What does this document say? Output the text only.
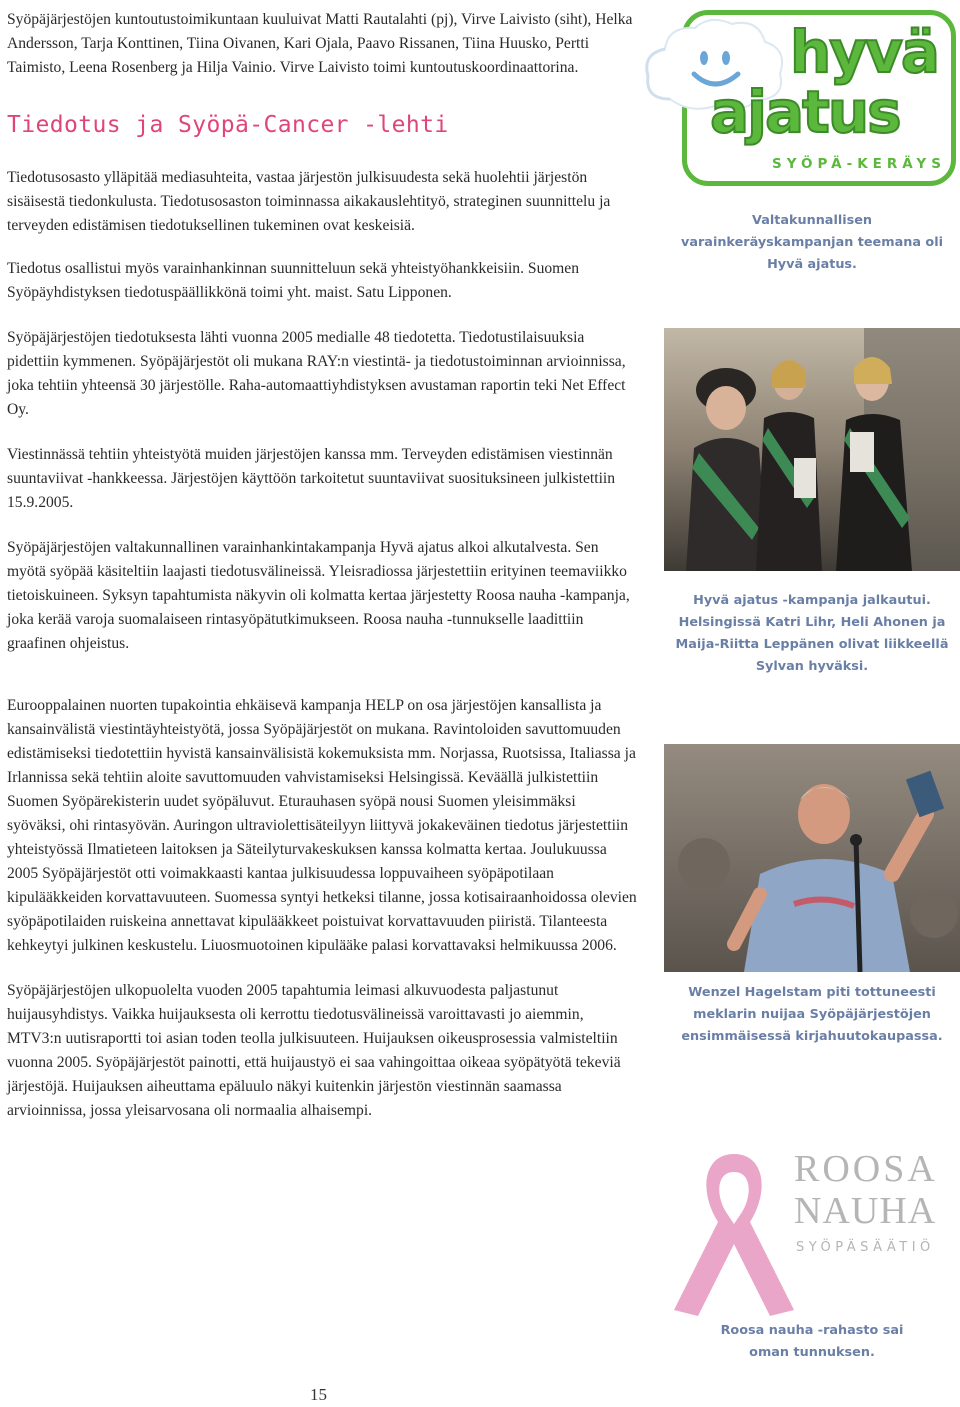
Syöpäjärjestöjen kuntoutustoimikuntaan kuuluivat Matti Rautalahti (pj), Virve Laivisto (siht), Helka Andersson, Tarja Konttinen, Tiina Oivanen, Kari Ojala, Paavo Rissanen, Tiina Huusko, Pertti Taimisto, Leena Rosenberg ja Hilja Vainio. Virve Laivisto toimi kuntoutuskoordinaattorina.

Tiedotus ja Syöpä-Cancer -lehti

Tiedotusosasto ylläpitää mediasuhteita, vastaa järjestön julkisuudesta sekä huolehtii järjestön sisäisestä tiedonkulusta. Tiedotusosaston toiminnassa aikakauslehtityö, strateginen suunnittelu ja terveyden edistämisen tiedotuksellinen tukeminen ovat keskeisiä.

Tiedotus osallistui myös varainhankinnan suunnitteluun sekä yhteistyöhankkeisiin. Suomen Syöpäyhdistyksen tiedotuspäällikkönä toimi yht. maist. Satu Lipponen.

Syöpäjärjestöjen tiedotuksesta lähti vuonna 2005 medialle 48 tiedotetta. Tiedotustilaisuuksia pidettiin kymmenen. Syöpäjärjestöt oli mukana RAY:n viestintä- ja tiedotustoiminnan arvioinnissa, joka tehtiin yhteensä 30 järjestölle. Raha-automaattiyhdistyksen avustaman raportin teki Net Effect Oy.

Viestinnässä tehtiin yhteistyötä muiden järjestöjen kanssa mm. Terveyden edistämisen viestinnän suuntaviivat -hankkeessa. Järjestöjen käyttöön tarkoitetut suuntaviivat suosituksineen julkistettiin 15.9.2005.

Syöpäjärjestöjen valtakunnallinen varainhankintakampanja Hyvä ajatus alkoi alkutalvesta. Sen myötä syöpää käsiteltiin laajasti tiedotusvälineissä. Yleisradiossa järjestettiin erityinen teemaviikko tietoiskuineen. Syksyn tapahtumista näkyvin oli kolmatta kertaa järjestetty Roosa nauha -kampanja, joka kerää varoja suomalaiseen rintasyöpätutkimukseen. Roosa nauha -tunnukselle laadittiin graafinen ohjeistus.

Eurooppalainen nuorten tupakointia ehkäisevä kampanja HELP on osa järjestöjen kansallista ja kansainvälistä viestintäyhteistyötä, jossa Syöpäjärjestöt on mukana. Ravintoloiden savuttomuuden edistämiseksi tiedotettiin hyvistä kansainvälisistä kokemuksista mm. Norjassa, Ruotsissa, Italiassa ja Irlannissa sekä tehtiin aloite savuttomuuden vahvistamiseksi Helsingissä. Keväällä julkistettiin Suomen Syöpärekisterin uudet syöpäluvut. Eturauhasen syöpä nousi Suomen yleisimmäksi syöväksi, ohi rintasyövän. Auringon ultraviolettisäteilyyn liittyvä jokakeväinen tiedotus järjestettiin yhteistyössä Ilmatieteen laitoksen ja Säteilyturvakeskuksen kanssa kolmatta kertaa. Joulukuussa 2005 Syöpäjärjestöt otti voimakkaasti kantaa julkisuudessa loppuvaiheen syöpäpotilaan kipulääkkeiden korvattavuuteen. Suomessa syntyi hetkeksi tilanne, jossa kotisairaanhoidossa olevien syöpäpotilaiden ruiskeina annettavat kipulääkkeet poistuivat korvattavuuden piiristä. Tilanteesta kehkeytyi julkinen keskustelu. Liuosmuotoinen kipulääke palasi korvattavaksi helmikuussa 2006.

Syöpäjärjestöjen ulkopuolelta vuoden 2005 tapahtumia leimasi alkuvuodesta paljastunut huijausyhdistys. Vaikka huijauksesta oli kerrottu tiedotusvälineissä varoittavasti jo aiemmin, MTV3:n uutisraportti toi asian toden teolla julkisuuteen. Huijauksen oikeusprosessia valmisteltiin vuonna 2005. Syöpäjärjestöt painotti, että huijaustyö ei saa vahingoittaa oikeaa syöpätyötä tekeviä järjestöjä. Huijauksen aiheuttama epäluulo näkyi kuitenkin järjestön viestinnän saamassa arvioinnissa, jossa yleisarvosana oli normaalia alhaisempi.

15
hyvä
ajatus
SYÖPÄ-KERÄYS
Valtakunnallisen varainkeräyskampanjan teemana oli Hyvä ajatus.
Hyvä ajatus -kampanja jalkautui. Helsingissä Katri Lihr, Heli Ahonen ja Maija-Riitta Leppänen olivat liikkeellä Sylvan hyväksi.
Wenzel Hagelstam piti tottuneesti meklarin nuijaa Syöpäjärjestöjen ensimmäisessä kirjahuutokaupassa.
ROOSA
NAUHA
SYÖPÄSÄÄTIÖ
Roosa nauha -rahasto sai oman tunnuksen.
